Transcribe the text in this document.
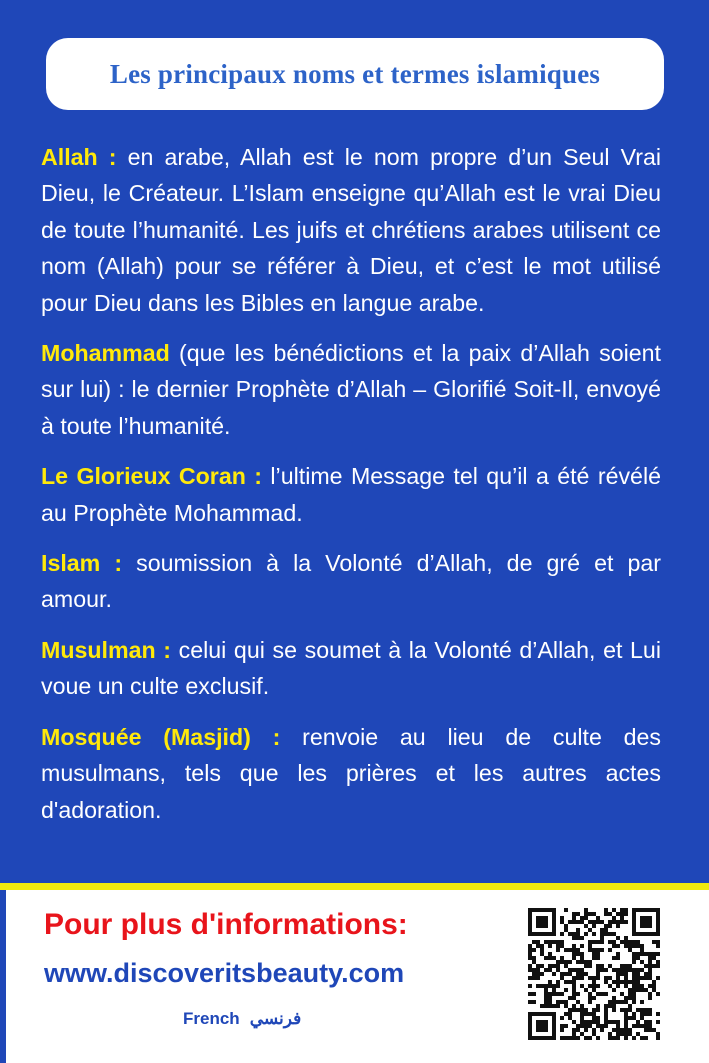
Les principaux noms et termes islamiques

Allah : en arabe, Allah est le nom propre d’un Seul Vrai Dieu, le Créateur. L’Islam enseigne qu’Allah est le vrai Dieu de toute l’humanité. Les juifs et chrétiens arabes utilisent ce nom (Allah) pour se référer à Dieu, et c’est le mot utilisé pour Dieu dans les Bibles en langue arabe.

Mohammad (que les bénédictions et la paix d’Allah soient sur lui) : le dernier Prophète d’Allah – Glorifié Soit-Il, envoyé à toute l’humanité.

Le Glorieux Coran : l’ultime Message tel qu’il a été révélé au Prophète Mohammad.

Islam : soumission à la Volonté d’Allah, de gré et par amour.

Musulman : celui qui se soumet à la Volonté d’Allah, et Lui voue un culte exclusif.

Mosquée (Masjid) : renvoie au lieu de culte des musulmans, tels que les prières et les autres actes d'adoration.

Pour plus d'informations:
www.discoveritsbeauty.com
French فرنسي
